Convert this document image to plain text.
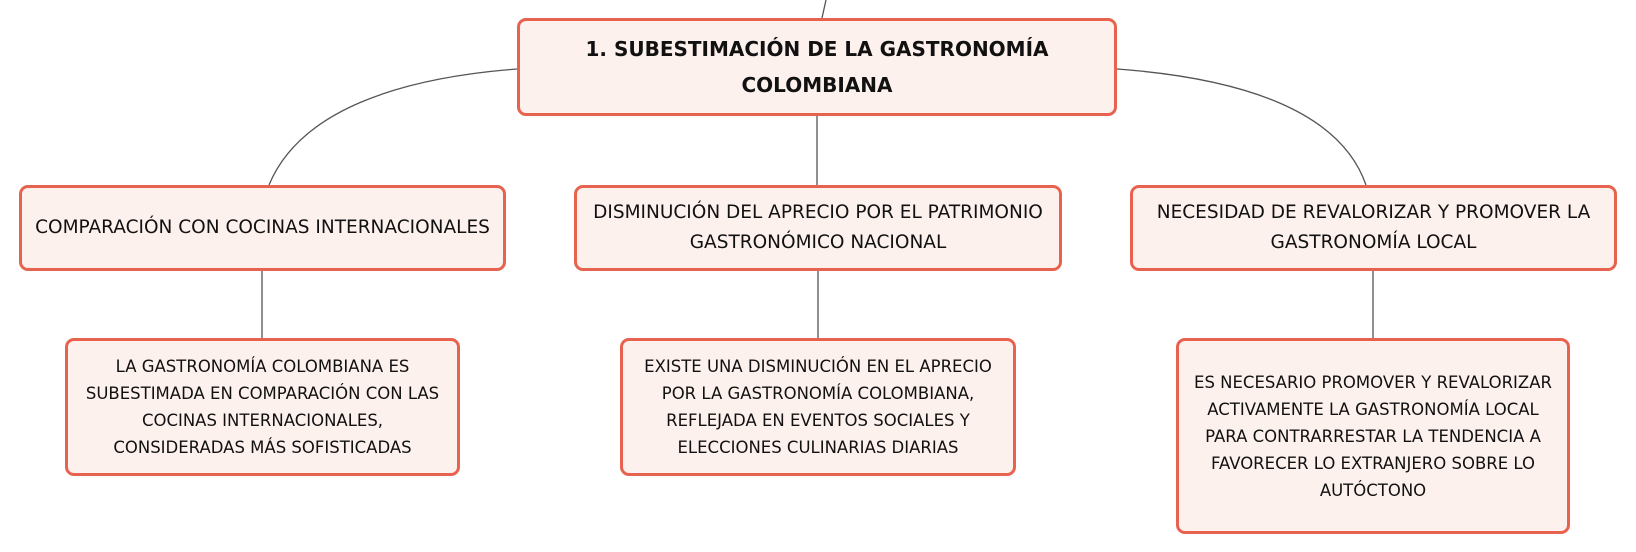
1. SUBESTIMACIÓN DE LA GASTRONOMÍA COLOMBIANA
COMPARACIÓN CON COCINAS INTERNACIONALES
DISMINUCIÓN DEL APRECIO POR EL PATRIMONIO GASTRONÓMICO NACIONAL
NECESIDAD DE REVALORIZAR Y PROMOVER LA GASTRONOMÍA LOCAL
LA GASTRONOMÍA COLOMBIANA ES SUBESTIMADA EN COMPARACIÓN CON LAS COCINAS INTERNACIONALES, CONSIDERADAS MÁS SOFISTICADAS
EXISTE UNA DISMINUCIÓN EN EL APRECIO POR LA GASTRONOMÍA COLOMBIANA, REFLEJADA EN EVENTOS SOCIALES Y ELECCIONES CULINARIAS DIARIAS
ES NECESARIO PROMOVER Y REVALORIZAR ACTIVAMENTE LA GASTRONOMÍA LOCAL PARA CONTRARRESTAR LA TENDENCIA A FAVORECER LO EXTRANJERO SOBRE LO AUTÓCTONO
